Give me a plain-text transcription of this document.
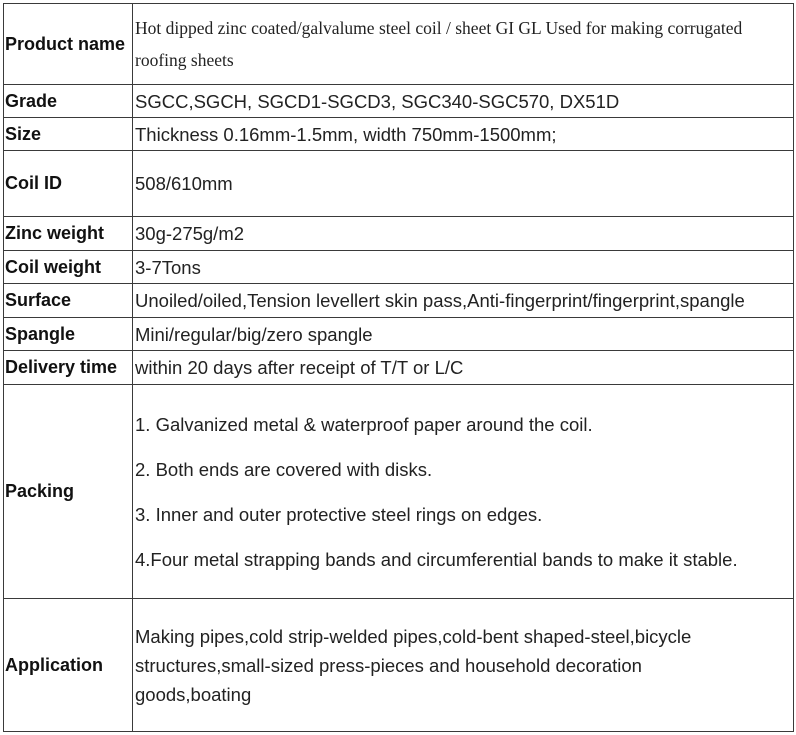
Product name	Hot dipped zinc coated/galvalume steel coil / sheet GI GL Used for making corrugated roofing sheets
Grade	SGCC,SGCH, SGCD1-SGCD3, SGC340-SGC570, DX51D
Size	Thickness 0.16mm-1.5mm, width 750mm-1500mm;
Coil ID	508/610mm
Zinc weight	30g-275g/m2
Coil weight	3-7Tons
Surface	Unoiled/oiled,Tension levellert skin pass,Anti-fingerprint/fingerprint,spangle
Spangle	Mini/regular/big/zero spangle
Delivery time	within 20 days after receipt of T/T or L/C
Packing	1. Galvanized metal & waterproof paper around the coil.
2. Both ends are covered with disks.
3. Inner and outer protective steel rings on edges.
4.Four metal strapping bands and circumferential bands to make it stable.

Application	Making pipes,cold strip-welded pipes,cold-bent shaped-steel,bicycle
structures,small-sized press-pieces and household decoration
goods,boating
